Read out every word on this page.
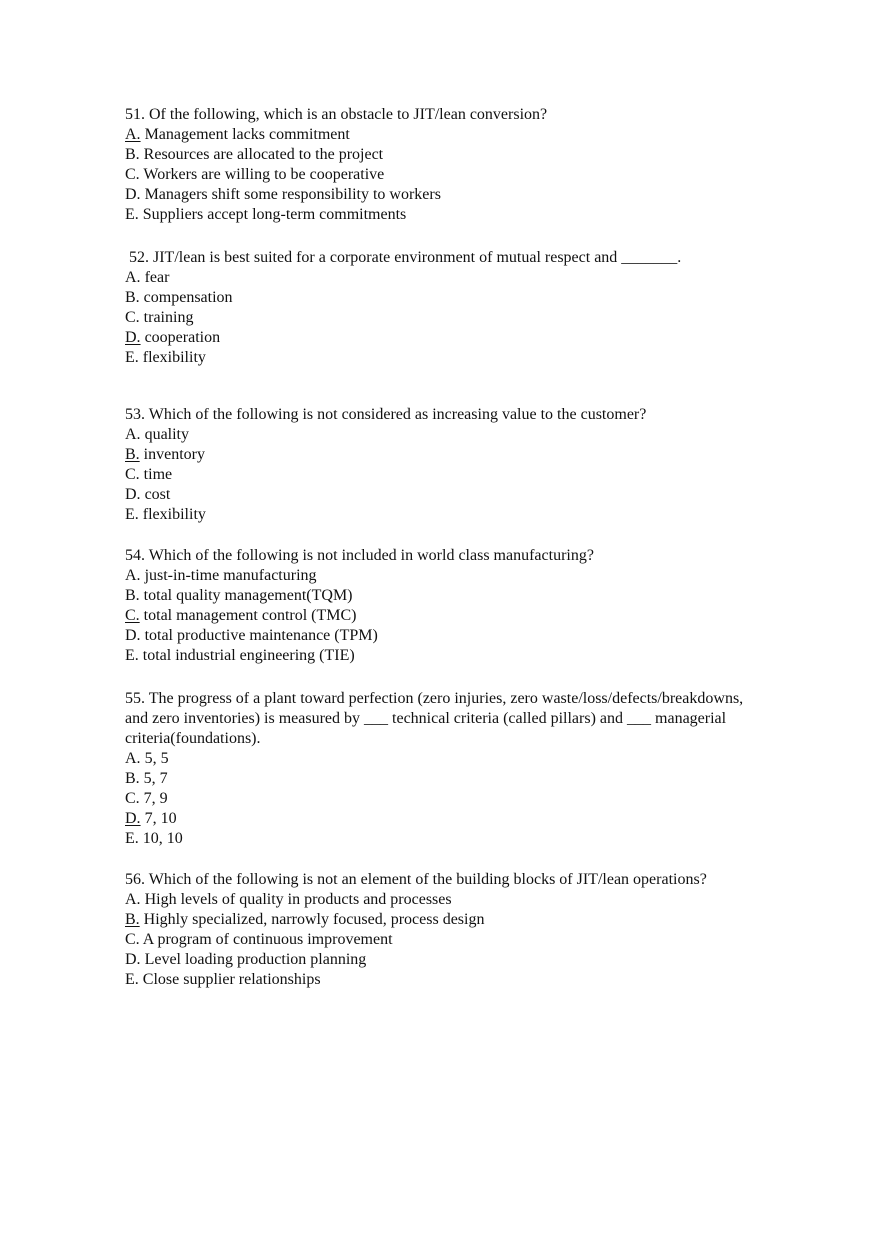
51. Of the following, which is an obstacle to JIT/lean conversion?

A. Management lacks commitment
B. Resources are allocated to the project
C. Workers are willing to be cooperative
D. Managers shift some responsibility to workers
E. Suppliers accept long-term commitments

52. JIT/lean is best suited for a corporate environment of mutual respect and _______.

A. fear
B. compensation
C. training
D. cooperation
E. flexibility

53. Which of the following is not considered as increasing value to the customer?

A. quality
B. inventory
C. time
D. cost
E. flexibility

54. Which of the following is not included in world class manufacturing?

A. just-in-time manufacturing
B. total quality management(TQM)
C. total management control (TMC)
D. total productive maintenance (TPM)
E. total industrial engineering (TIE)

55. The progress of a plant toward perfection (zero injuries, zero waste/loss/defects/breakdowns, and zero inventories) is measured by ___ technical criteria (called pillars) and ___ managerial criteria(foundations).

A. 5, 5
B. 5, 7
C. 7, 9
D. 7, 10
E. 10, 10

56. Which of the following is not an element of the building blocks of JIT/lean operations?

A. High levels of quality in products and processes
B. Highly specialized, narrowly focused, process design
C. A program of continuous improvement
D. Level loading production planning
E. Close supplier relationships
